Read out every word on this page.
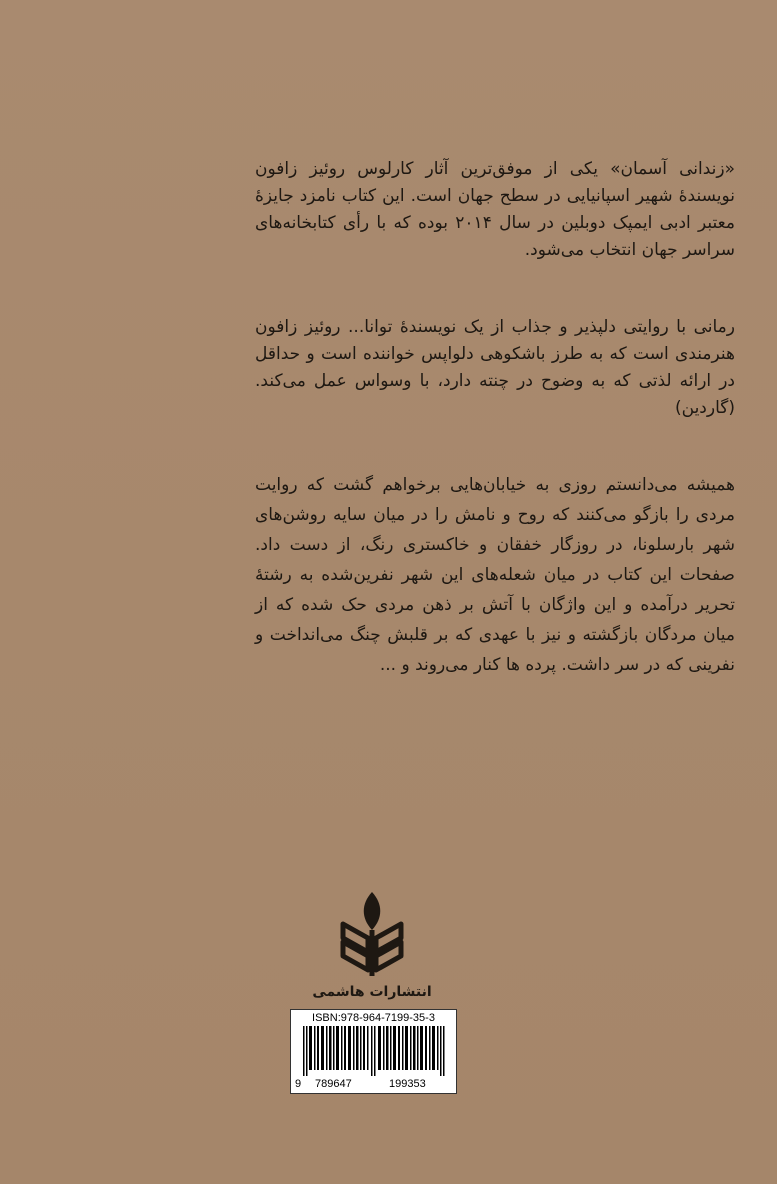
«زندانی آسمان» یکی از موفق‌ترین آثار کارلوس روئیز زافون نویسندهٔ شهیر اسپانیایی در سطح جهان است. این کتاب نامزد جایزهٔ معتبر ادبی ایمپک دوبلین در سال ۲۰۱۴ بوده که با رأی کتابخانه‌های سراسر جهان انتخاب می‌شود.

رمانی با روایتی دلپذیر و جذاب از یک نویسندهٔ توانا... روئیز زافون هنرمندی است که به طرز باشکوهی دلواپس خواننده است و حداقل در ارائه لذتی که به وضوح در چنته دارد، با وسواس عمل می‌کند.(گاردین)

همیشه می‌دانستم روزی به خیابان‌هایی برخواهم گشت که روایت مردی را بازگو می‌کنند که روح و نامش را در میان سایه روشن‌های شهر بارسلونا، در روزگار خفقان و خاکستری رنگ، از دست داد. صفحات این کتاب در میان شعله‌های این شهر نفرین‌شده به رشتهٔ تحریر درآمده و این واژگان با آتش بر ذهن مردی حک شده که از میان مردگان بازگشته و نیز با عهدی که بر قلبش چنگ می‌انداخت و نفرینی که در سر داشت. پرده ها کنار می‌روند و ...

انتشارات هاشمی
ISBN:978-964-7199-35-3
9 789647	199353
